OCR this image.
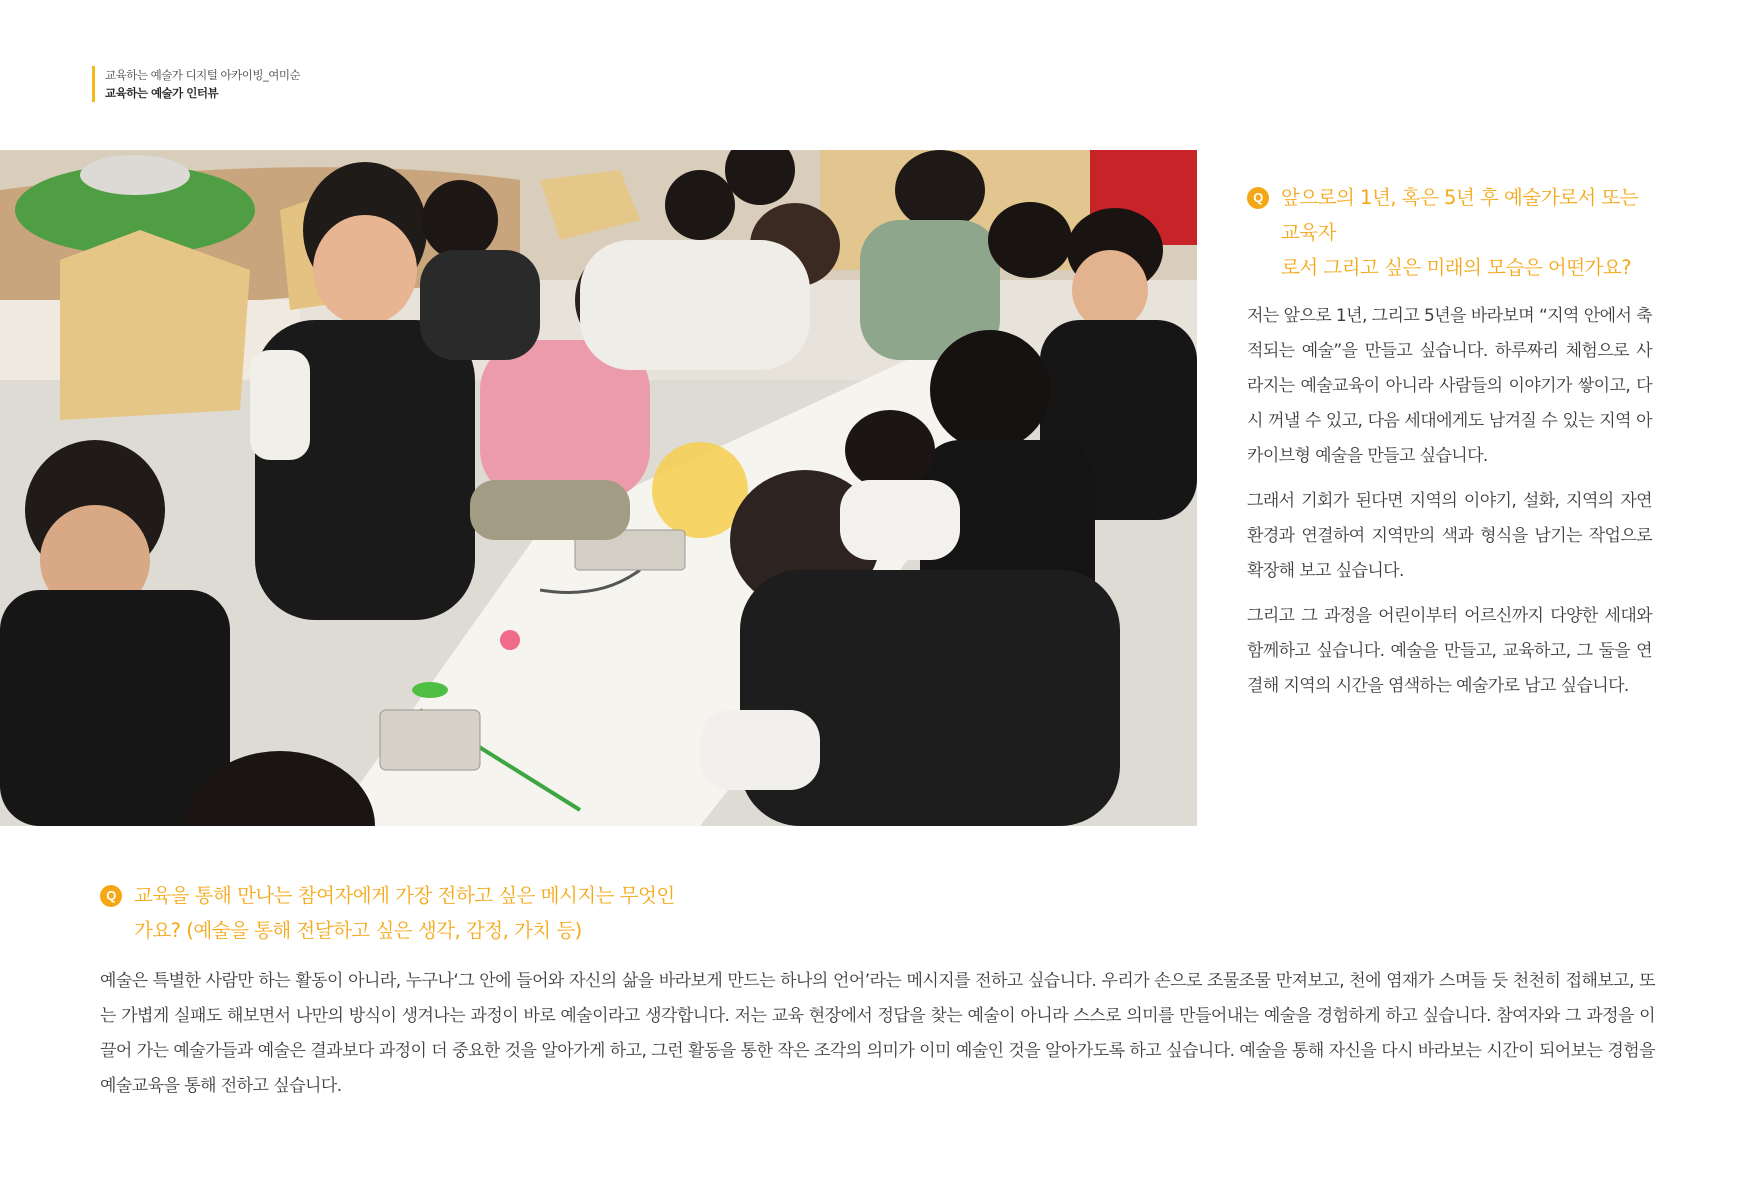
교육하는 예술가 디지털 아카이빙_여미순
교육하는 예술가 인터뷰
Q 앞으로의 1년, 혹은 5년 후 예술가로서 또는 교육자
로서 그리고 싶은 미래의 모습은 어떤가요?

저는 앞으로 1년, 그리고 5년을 바라보며 “지역 안에서 축적되는 예술”을 만들고 싶습니다. 하루짜리 체험으로 사라지는 예술교육이 아니라 사람들의 이야기가 쌓이고, 다시 꺼낼 수 있고, 다음 세대에게도 남겨질 수 있는 지역 아카이브형 예술을 만들고 싶습니다.

그래서 기회가 된다면 지역의 이야기, 설화, 지역의 자연환경과 연결하여 지역만의 색과 형식을 남기는 작업으로 확장해 보고 싶습니다.

그리고 그 과정을 어린이부터 어르신까지 다양한 세대와 함께하고 싶습니다. 예술을 만들고, 교육하고, 그 둘을 연결해 지역의 시간을 염색하는 예술가로 남고 싶습니다.

Q 교육을 통해 만나는 참여자에게 가장 전하고 싶은 메시지는 무엇인
가요? (예술을 통해 전달하고 싶은 생각, 감정, 가치 등)

예술은 특별한 사람만 하는 활동이 아니라, 누구나‘그 안에 들어와 자신의 삶을 바라보게 만드는 하나의 언어’라는 메시지를 전하고 싶습니다. 우리가 손으로 조물조물 만져보고, 천에 염재가 스며들 듯 천천히 접해보고, 또는 가볍게 실패도 해보면서 나만의 방식이 생겨나는 과정이 바로 예술이라고 생각합니다. 저는 교육 현장에서 정답을 찾는 예술이 아니라 스스로 의미를 만들어내는 예술을 경험하게 하고 싶습니다. 참여자와 그 과정을 이끌어 가는 예술가들과 예술은 결과보다 과정이 더 중요한 것을 알아가게 하고, 그런 활동을 통한 작은 조각의 의미가 이미 예술인 것을 알아가도록 하고 싶습니다. 예술을 통해 자신을 다시 바라보는 시간이 되어보는 경험을 예술교육을 통해 전하고 싶습니다.
